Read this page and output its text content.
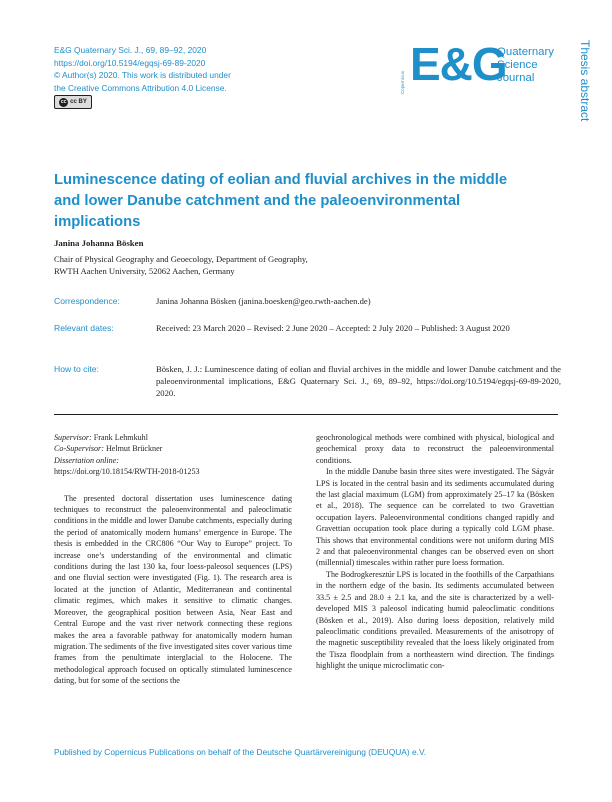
E&G Quaternary Sci. J., 69, 89–92, 2020
https://doi.org/10.5194/egqsj-69-89-2020
© Author(s) 2020. This work is distributed under
the Creative Commons Attribution 4.0 License.
cc cc BY
Copernicus E&G
Quaternary
Science
Journal	Thesis abstract
Luminescence dating of eolian and fluvial archives in the middle and lower Danube catchment and the paleoenvironmental implications
Janina Johanna Bösken
Chair of Physical Geography and Geoecology, Department of Geography,
RWTH Aachen University, 52062 Aachen, Germany
Correspondence:	Janina Johanna Bösken (janina.boesken@geo.rwth-aachen.de)
Relevant dates:	Received: 23 March 2020 – Revised: 2 June 2020 – Accepted: 2 July 2020 – Published: 3 August 2020
How to cite:	Bösken, J. J.: Luminescence dating of eolian and fluvial archives in the middle and lower Danube catchment and the paleoenvironmental implications, E&G Quaternary Sci. J., 69, 89–92, https://doi.org/10.5194/egqsj-69-89-2020, 2020.
Supervisor: Frank Lehmkuhl
Co-Supervisor: Helmut Brückner
Dissertation online:
https://doi.org/10.18154/RWTH-2018-01253

The presented doctoral dissertation uses luminescence dating techniques to reconstruct the paleoenvironmental and paleoclimatic conditions in the middle and lower Danube catchments, especially during the period of anatomically modern humans’ emergence in Europe. The thesis is embedded in the CRC806 “Our Way to Europe” project. To increase one’s understanding of the environmental and climatic conditions during the last 130 ka, four loess-paleosol sequences (LPS) and one fluvial section were investigated (Fig. 1). The research area is located at the junction of Atlantic, Mediterranean and continental climatic regimes, which makes it sensitive to climatic changes. Moreover, the geographical position between Asia, Near East and Central Europe and the vast river network connecting these regions makes the area a favorable pathway for anatomically modern human migration. The sediments of the five investigated sites cover various time frames from the penultimate interglacial to the Holocene. The methodological approach focused on optically stimulated luminescence dating, but for some of the sections the

geochronological methods were combined with physical, biological and geochemical proxy data to reconstruct the paleoenvironmental conditions.

In the middle Danube basin three sites were investigated. The Ságvár LPS is located in the central basin and its sediments accumulated during the last glacial maximum (LGM) from approximately 25–17 ka (Bösken et al., 2018). The sequence can be correlated to two Gravettian occupation layers. Paleoenvironmental conditions changed rapidly and Gravettian occupation took place during a typically cold LGM phase. This shows that environmental conditions were not uniform during MIS 2 and that paleoenvironmental changes can be observed even on short (millennial) timescales within rather pure loess formation.

The Bodrogkeresztúr LPS is located in the foothills of the Carpathians in the northern edge of the basin. Its sediments accumulated between 33.5 ± 2.5 and 28.0 ± 2.1 ka, and the site is characterized by a well-developed MIS 3 paleosol indicating humid paleoclimatic conditions (Bösken et al., 2019). Also during loess deposition, relatively mild paleoclimatic conditions prevailed. Measurements of the anisotropy of the magnetic susceptibility revealed that the loess likely originated from the Tisza floodplain from a northeastern wind direction. The findings highlight the unique microclimatic con-

Published by Copernicus Publications on behalf of the Deutsche Quartärvereinigung (DEUQUA) e.V.
